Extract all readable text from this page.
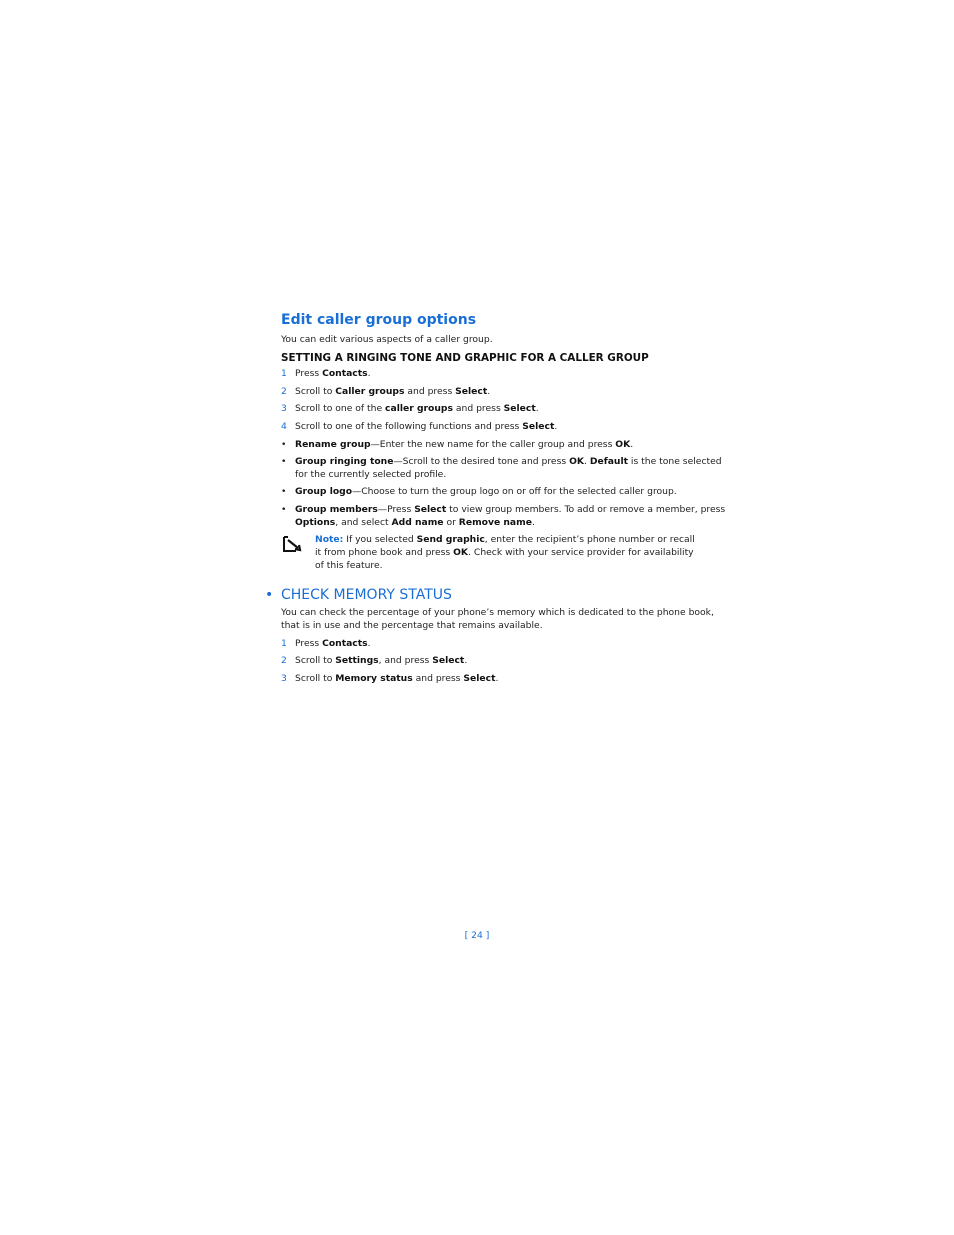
Edit caller group options
You can edit various aspects of a caller group.
SETTING A RINGING TONE AND GRAPHIC FOR A CALLER GROUP
1 Press Contacts.
2 Scroll to Caller groups and press Select.
3 Scroll to one of the caller groups and press Select.
4 Scroll to one of the following functions and press Select.
• Rename group—Enter the new name for the caller group and press OK.
• Group ringing tone—Scroll to the desired tone and press OK. Default is the tone selected
for the currently selected profile.
• Group logo—Choose to turn the group logo on or off for the selected caller group.
• Group members—Press Select to view group members. To add or remove a member, press
Options, and select Add name or Remove name.
Note: If you selected Send graphic, enter the recipient’s phone number or recall
it from phone book and press OK. Check with your service provider for availability
of this feature.
• CHECK MEMORY STATUS
You can check the percentage of your phone’s memory which is dedicated to the phone book,
that is in use and the percentage that remains available.
1 Press Contacts.
2 Scroll to Settings, and press Select.
3 Scroll to Memory status and press Select.
[ 24 ]
